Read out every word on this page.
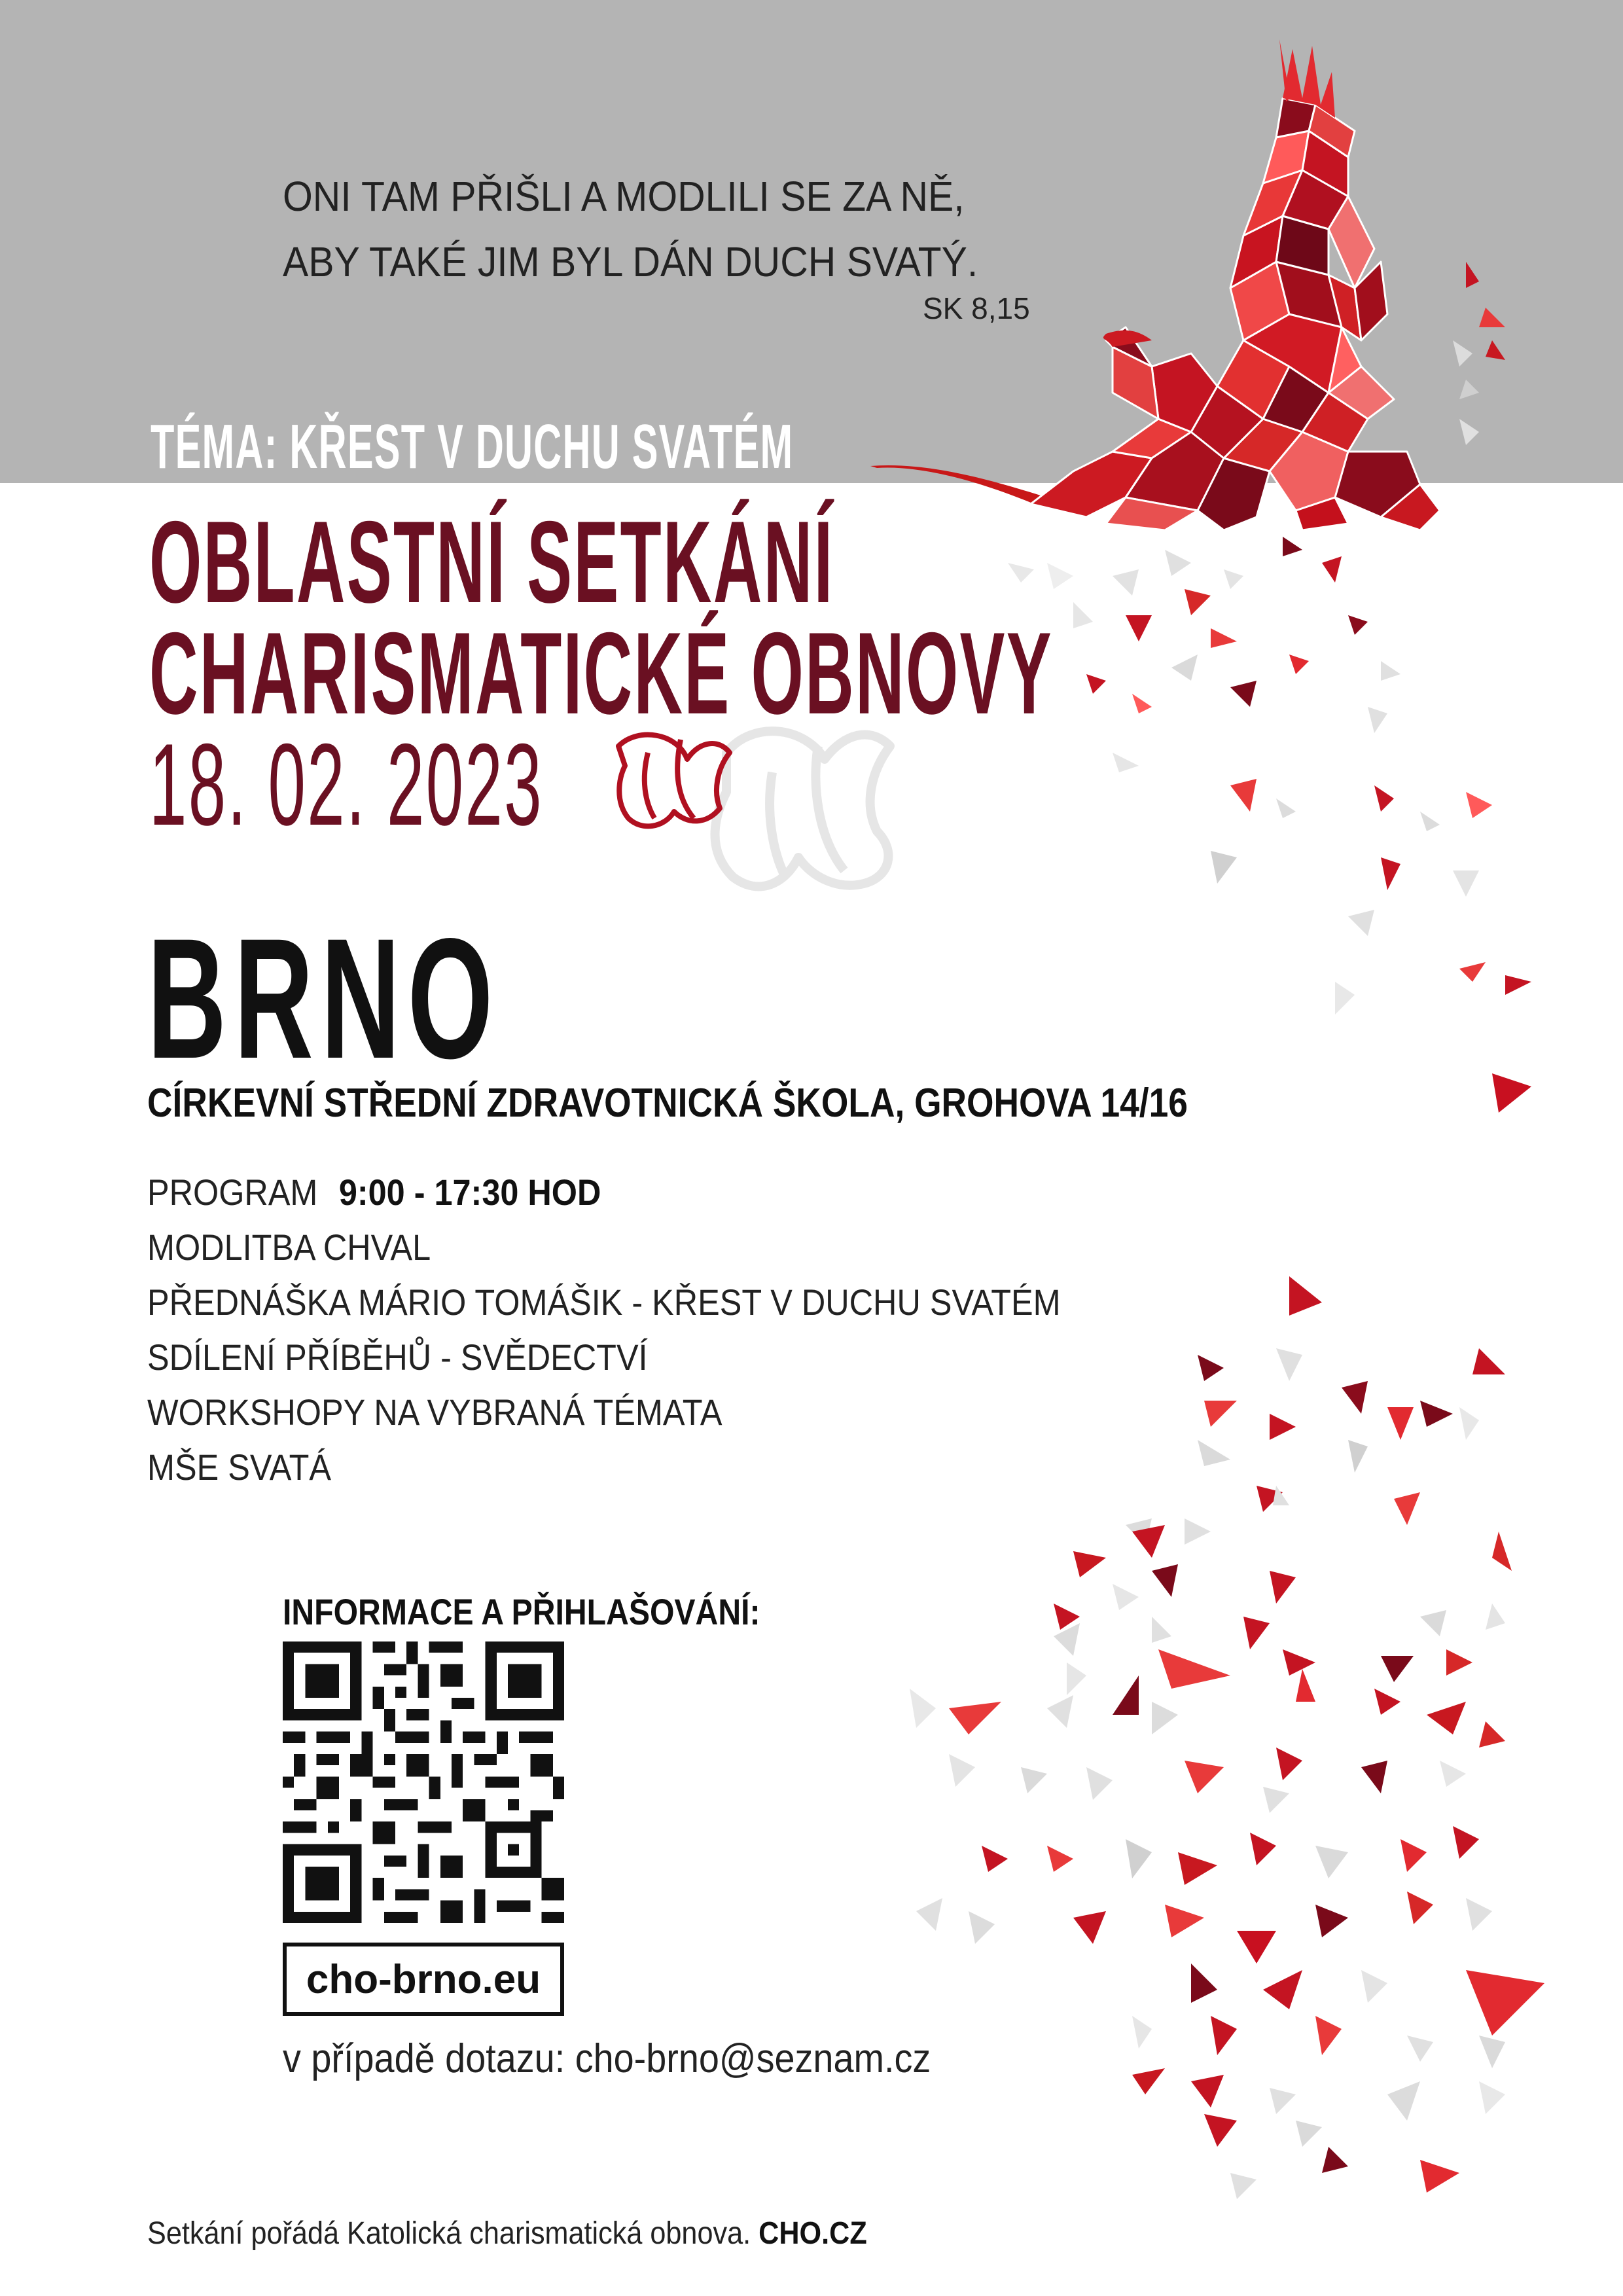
ONI TAM PŘIŠLI A MODLILI SE ZA NĚ,
ABY TAKÉ JIM BYL DÁN DUCH SVATÝ.
SK 8,15
TÉMA: KŘEST V DUCHU SVATÉM
OBLASTNÍ SETKÁNÍ
CHARISMATICKÉ OBNOVY
18. 02. 2023
BRNO
CÍRKEVNÍ STŘEDNÍ ZDRAVOTNICKÁ ŠKOLA, GROHOVA 14/16
PROGRAM 9:00 - 17:30 HOD
MODLITBA CHVAL
PŘEDNÁŠKA MÁRIO TOMÁŠIK - KŘEST V DUCHU SVATÉM
SDÍLENÍ PŘÍBĚHŮ - SVĚDECTVÍ
WORKSHOPY NA VYBRANÁ TÉMATA
MŠE SVATÁ
INFORMACE A PŘIHLAŠOVÁNÍ:
cho-brno.eu
v případě dotazu: cho-brno@seznam.cz
Setkání pořádá Katolická charismatická obnova. CHO.CZ
